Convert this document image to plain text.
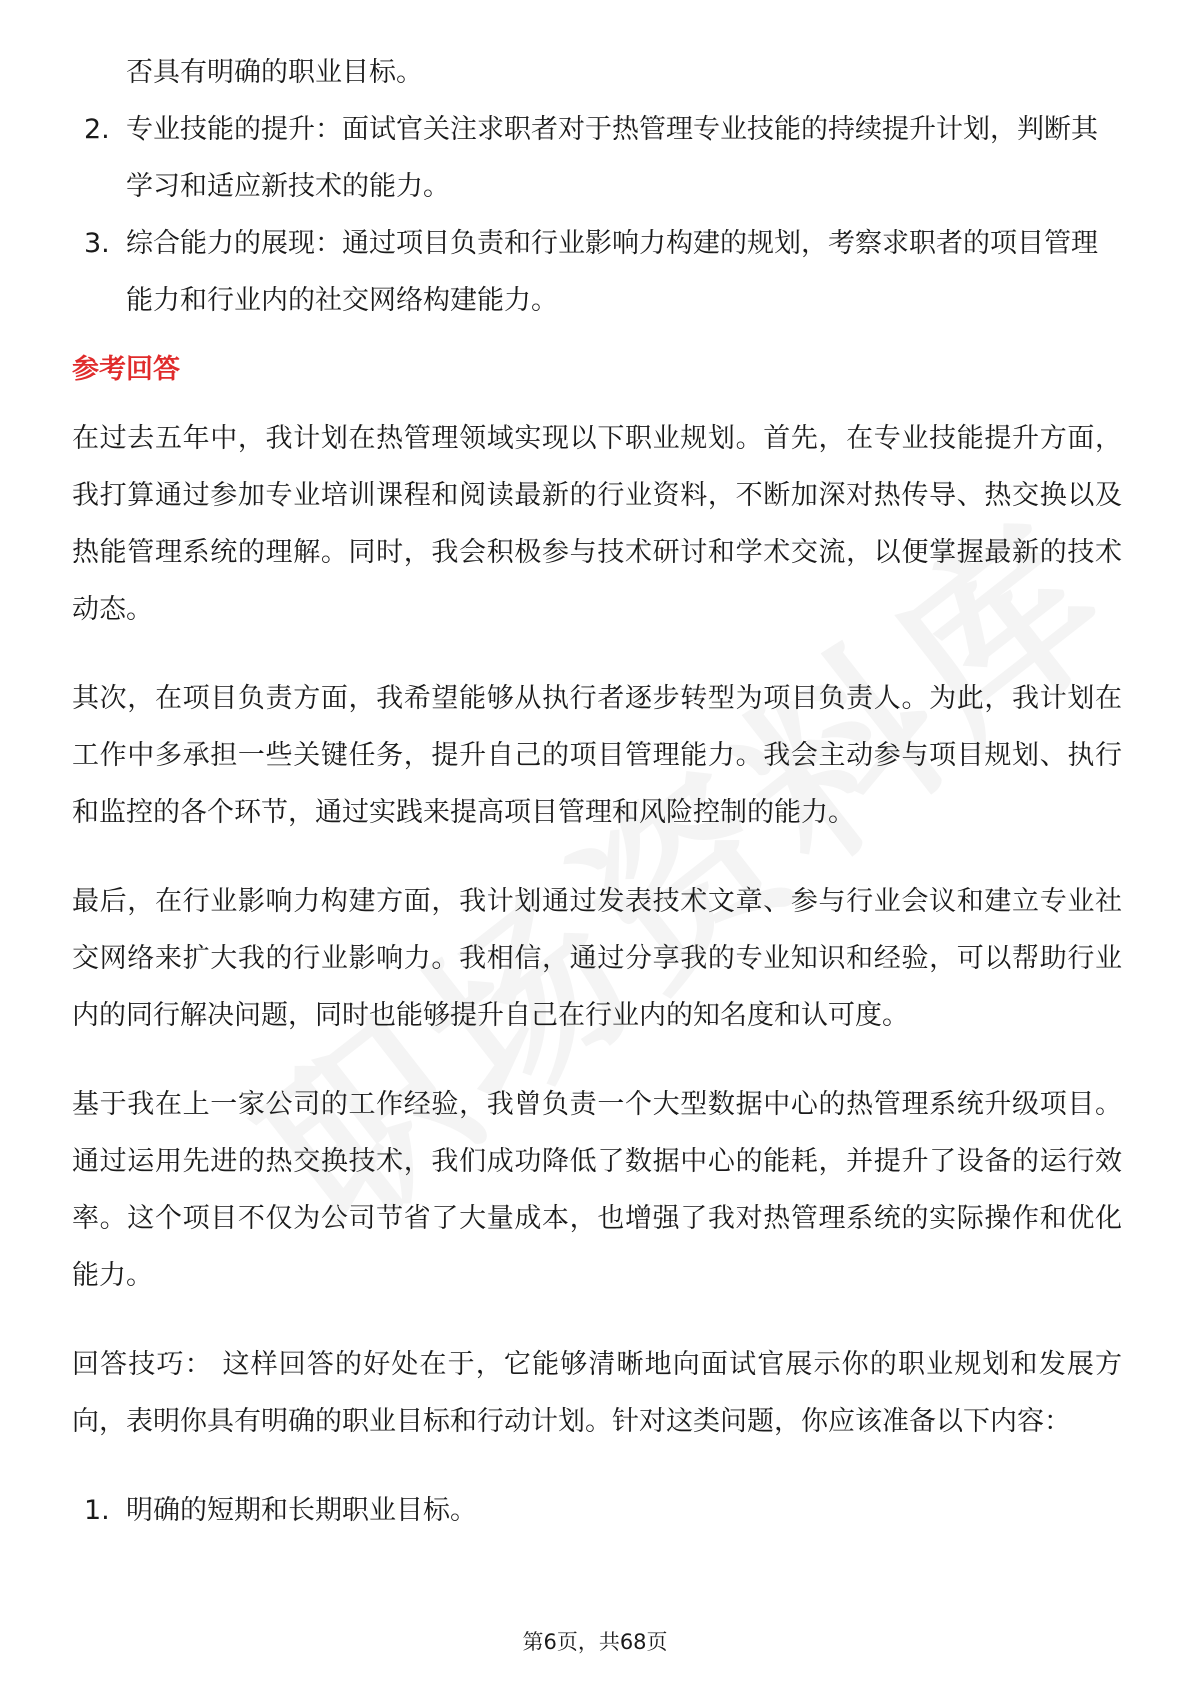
否具有明确的职业目标。

2. 专业技能的提升：面试官关注求职者对于热管理专业技能的持续提升计划，判断其学习和适应新技术的能力。

3. 综合能力的展现：通过项目负责和行业影响力构建的规划，考察求职者的项目管理能力和行业内的社交网络构建能力。

参考回答

在过去五年中，我计划在热管理领域实现以下职业规划。首先，在专业技能提升方面，我打算通过参加专业培训课程和阅读最新的行业资料，不断加深对热传导、热交换以及热能管理系统的理解。同时，我会积极参与技术研讨和学术交流，以便掌握最新的技术动态。

其次，在项目负责方面，我希望能够从执行者逐步转型为项目负责人。为此，我计划在工作中多承担一些关键任务，提升自己的项目管理能力。我会主动参与项目规划、执行和监控的各个环节，通过实践来提高项目管理和风险控制的能力。

最后，在行业影响力构建方面，我计划通过发表技术文章、参与行业会议和建立专业社交网络来扩大我的行业影响力。我相信，通过分享我的专业知识和经验，可以帮助行业内的同行解决问题，同时也能够提升自己在行业内的知名度和认可度。

基于我在上一家公司的工作经验，我曾负责一个大型数据中心的热管理系统升级项目。通过运用先进的热交换技术，我们成功降低了数据中心的能耗，并提升了设备的运行效率。这个项目不仅为公司节省了大量成本，也增强了我对热管理系统的实际操作和优化能力。

回答技巧： 这样回答的好处在于，它能够清晰地向面试官展示你的职业规划和发展方向，表明你具有明确的职业目标和行动计划。针对这类问题，你应该准备以下内容：

1. 明确的短期和长期职业目标。

第6页，共68页
